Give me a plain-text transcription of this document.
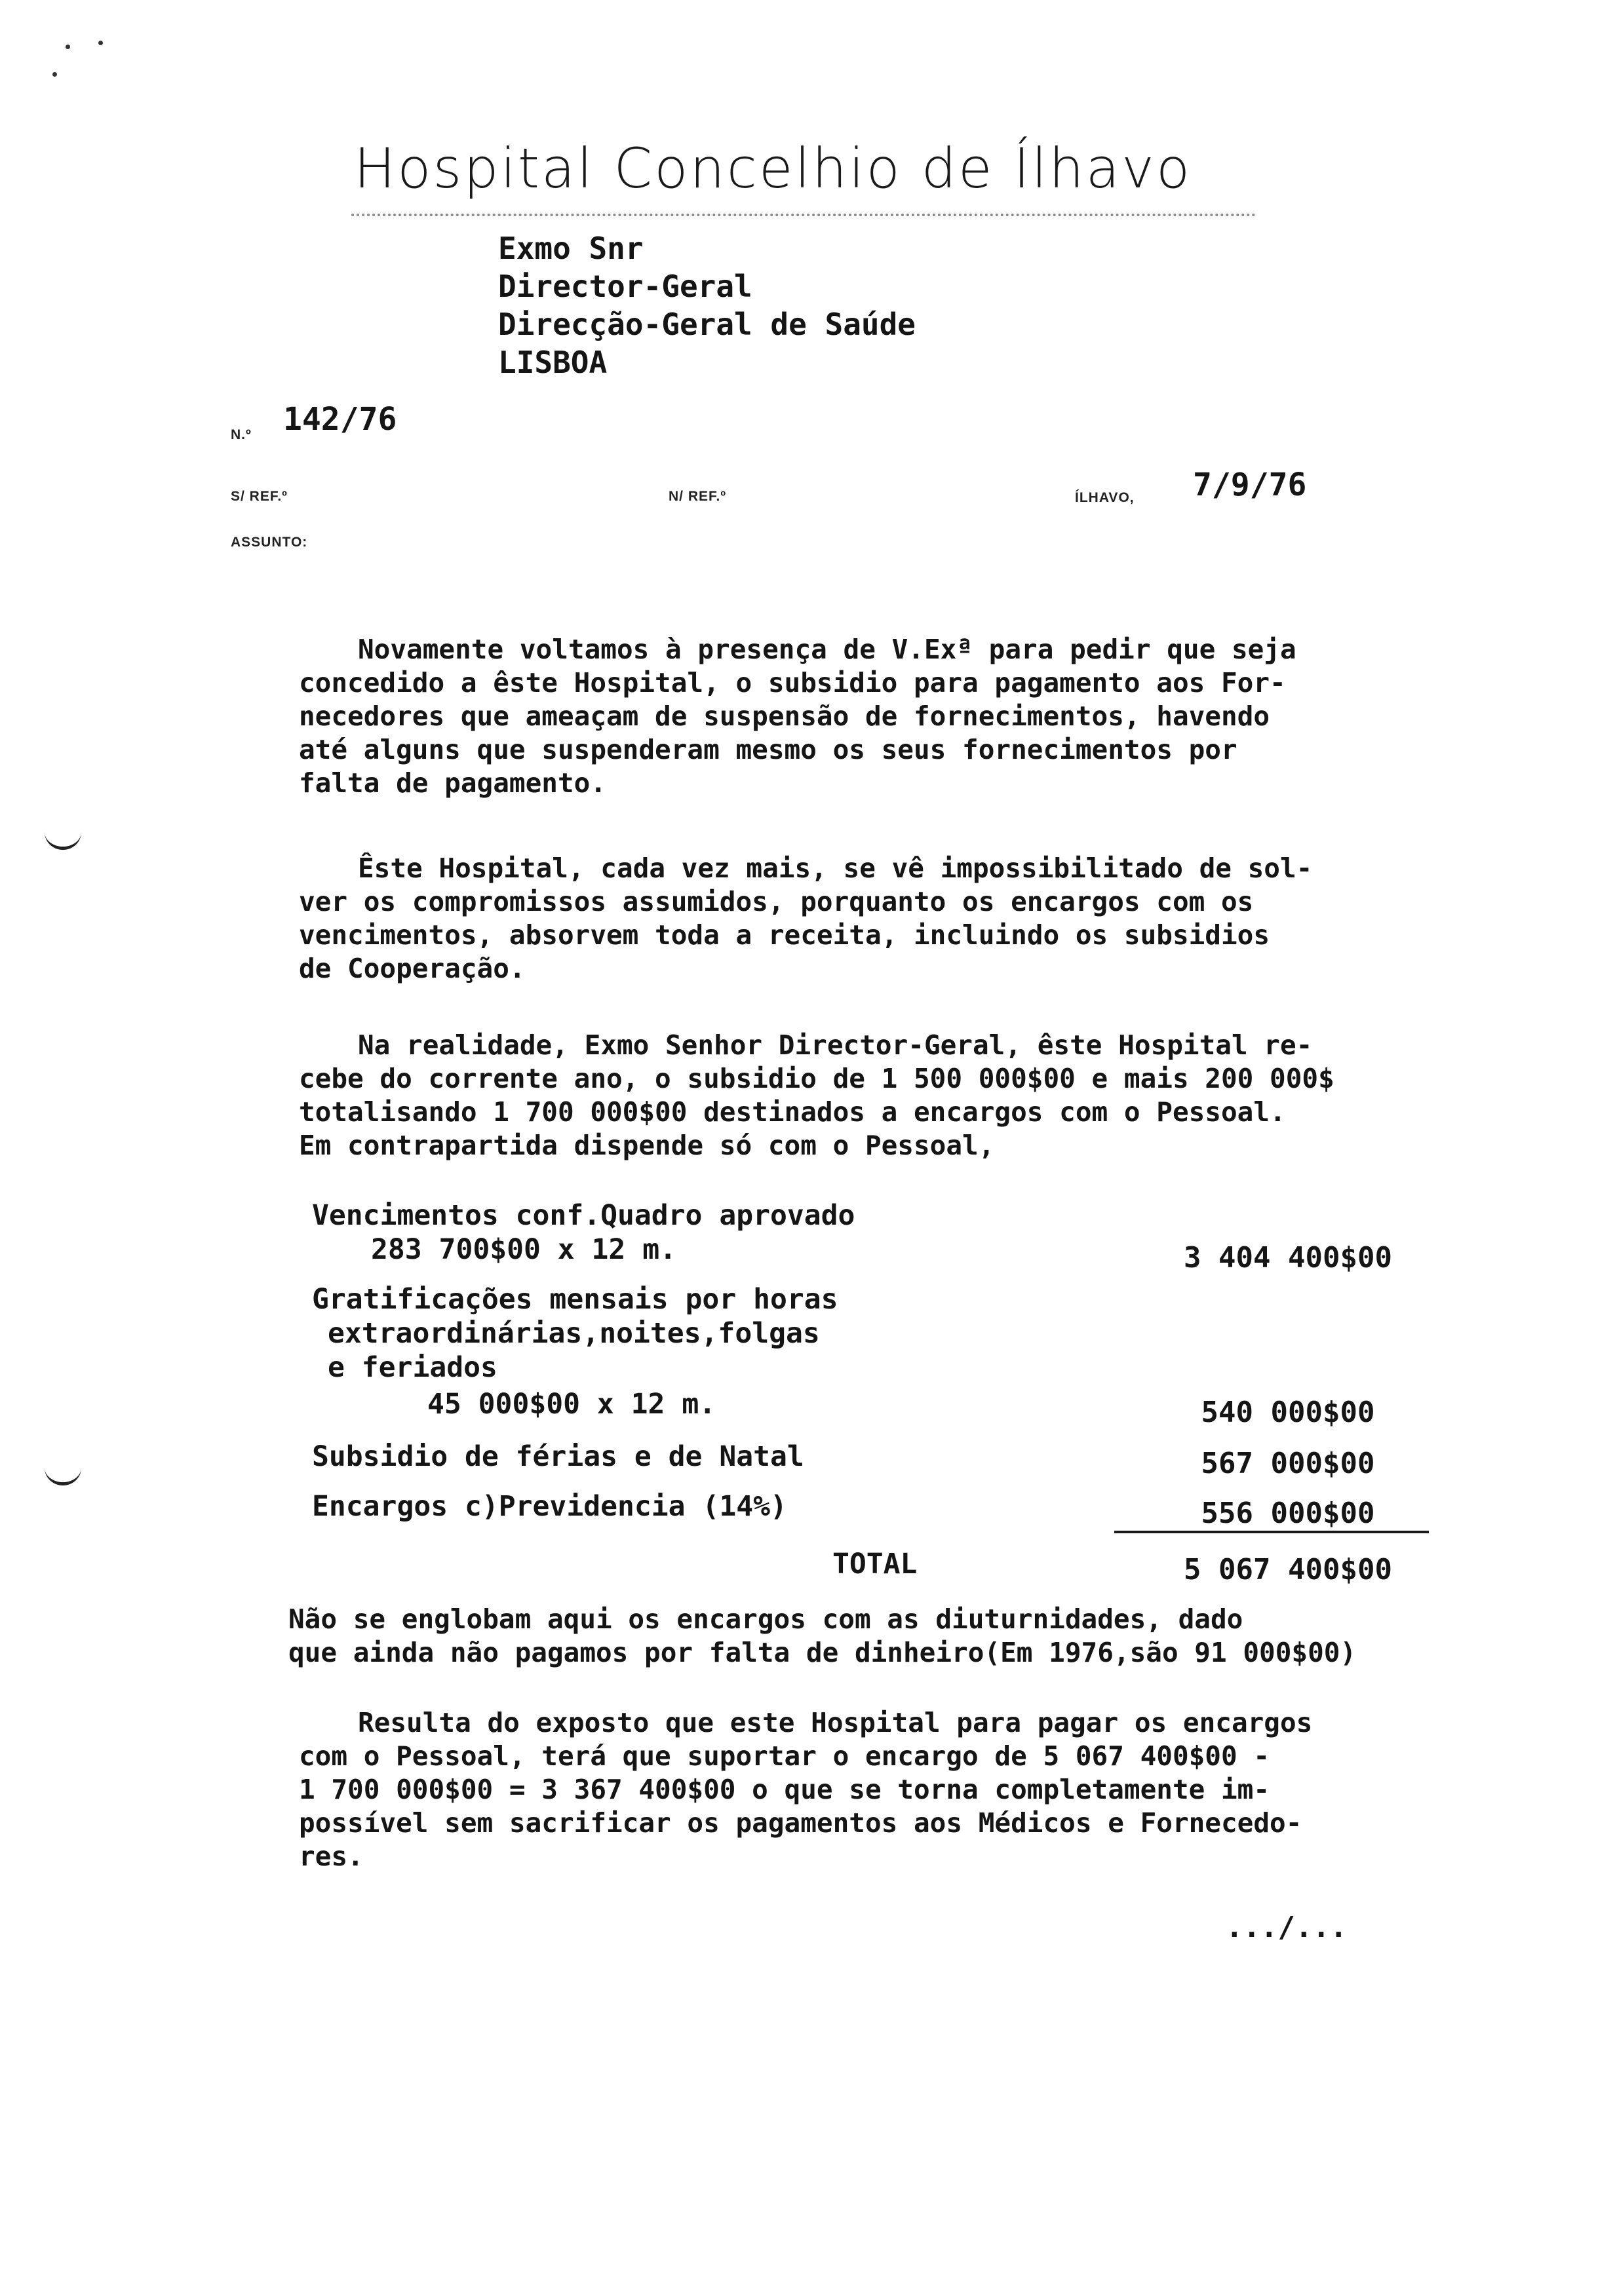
Hospital Concelhio de Ílhavo
Exmo Snr
Director-Geral
Direcção-Geral de Saúde
LISBOA
N.º 142/76
S/ REF.º	N/ REF.º	ÍLHAVO, 7/9/76
ASSUNTO:
Novamente voltamos à presença de V.Exª para pedir que seja
concedido a êste Hospital, o subsidio para pagamento aos For-
necedores que ameaçam de suspensão de fornecimentos, havendo
até alguns que suspenderam mesmo os seus fornecimentos por
falta de pagamento.
Êste Hospital, cada vez mais, se vê impossibilitado de sol-
ver os compromissos assumidos, porquanto os encargos com os
vencimentos, absorvem toda a receita, incluindo os subsidios
de Cooperação.
Na realidade, Exmo Senhor Director-Geral, êste Hospital re-
cebe do corrente ano, o subsidio de 1 500 000$00 e mais 200 000$
totalisando 1 700 000$00 destinados a encargos com o Pessoal.
Em contrapartida dispende só com o Pessoal,
Vencimentos conf.Quadro aprovado
283 700$00 x 12 m.	3 404 400$00
Gratificações mensais por horas
extraordinárias,noites,folgas
e feriados
45 000$00 x 12 m.	540 000$00
Subsidio de férias e de Natal	567 000$00
Encargos c)Previdencia (14%)	556 000$00
TOTAL	5 067 400$00
Não se englobam aqui os encargos com as diuturnidades, dado
que ainda não pagamos por falta de dinheiro(Em 1976,são 91 000$00)
Resulta do exposto que este Hospital para pagar os encargos
com o Pessoal, terá que suportar o encargo de 5 067 400$00 -
1 700 000$00 = 3 367 400$00 o que se torna completamente im-
possível sem sacrificar os pagamentos aos Médicos e Fornecedo-
res.
.../...
